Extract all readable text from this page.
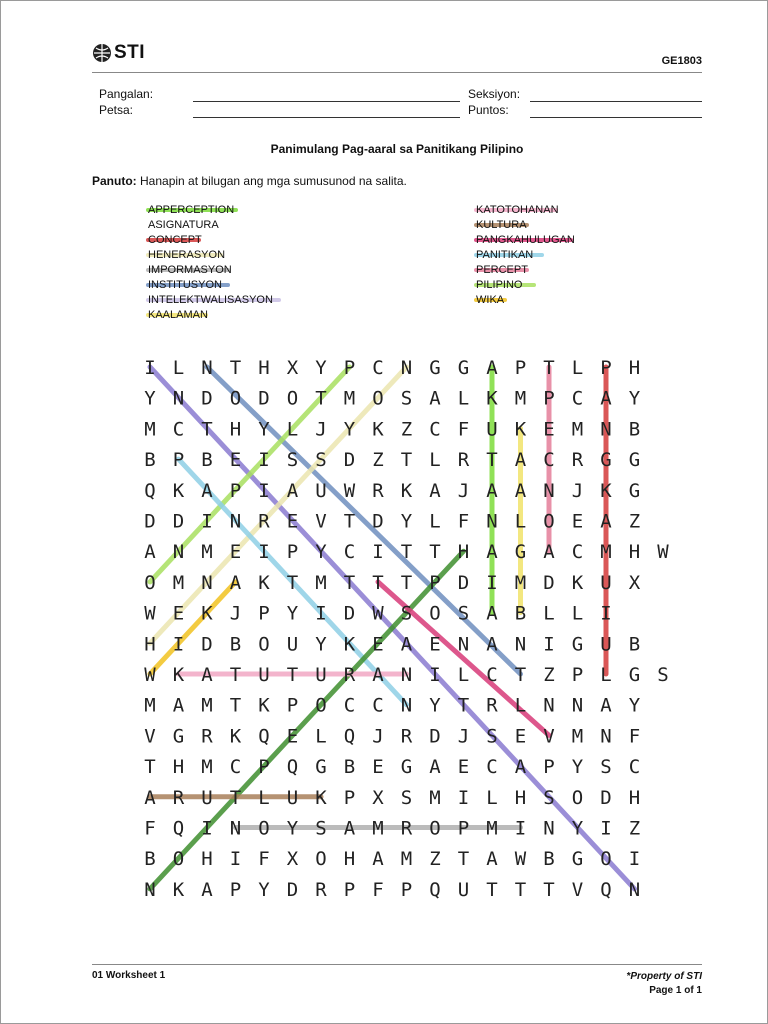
STI	GE1803
Pangalan:
Petsa:
Seksiyon:
Puntos:
Panimulang Pag-aaral sa Panitikang Pilipino
Panuto: Hanapin at bilugan ang mga sumusunod na salita.
APPERCEPTION
ASIGNATURA
CONCEPT
HENERASYON
IMPORMASYON
INSTITUSYON
INTELEKTWALISASYON
KAALAMAN
KATOTOHANAN
KULTURA
PANGKAHULUGAN
PANITIKAN
PERCEPT
PILIPINO
WIKA
I L N T H X Y P C N G G A P T L P H
Y N D O D O T M O S A L K M P C A Y
M C T H Y L J Y K Z C F U K E M N B
B P B E I S S D Z T L R T A C R G G
Q K A P I A U W R K A J A A N J K G
D D I N R E V T D Y L F N L O E A Z
A N M E I P Y C I T T H A G A C M H W
O M N A K T M T T T P D I M D K U X
W E K J P Y I D W S O S A B L L I
H I D B O U Y K E A E N A N I G U B
W K A T U T U R A N I L C T Z P L G S
M A M T K P O C C N Y T R L N N A Y
V G R K Q E L Q J R D J S E V M N F
T H M C P Q G B E G A E C A P Y S C
A R U T L U K P X S M I L H S O D H
F Q I N O Y S A M R O P M I N Y I Z
B O H I F X O H A M Z T A W B G O I
N K A P Y D R P F P Q U T T T V Q N
01 Worksheet 1	*Property of STI
Page 1 of 1
